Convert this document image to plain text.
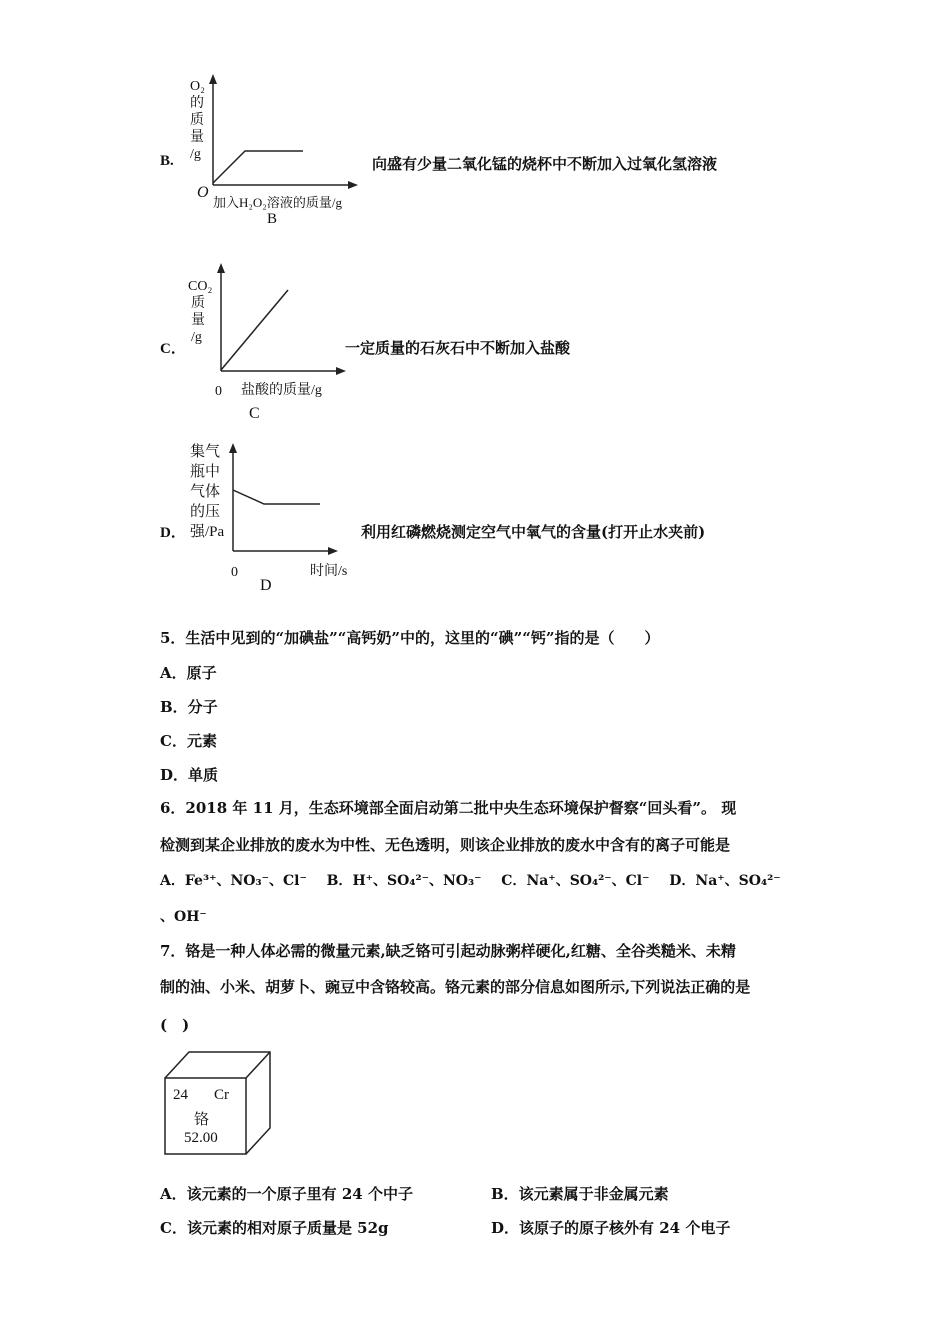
B.
O₂
的
质
量
/g
O
加入H₂O₂溶液的质量/g
B
向盛有少量二氧化锰的烧杯中不断加入过氧化氢溶液
C．
CO₂
质
量
/g
0 盐酸的质量/g
C
一定质量的石灰石中不断加入盐酸
D．
集气
瓶中
气体
的压
强/Pa
0	时间/s
D
利用红磷燃烧测定空气中氧气的含量(打开止水夹前)
5．生活中见到的“加碘盐”“高钙奶”中的，这里的“碘”“钙”指的是（　　）
A．原子
B．分子
C．元素
D．单质
6．2018 年 11 月，生态环境部全面启动第二批中央生态环境保护督察“回头看”。 现
检测到某企业排放的废水为中性、无色透明，则该企业排放的废水中含有的离子可能是
A．Fe³⁺、NO₃⁻、Cl⁻ B．H⁺、SO₄²⁻、NO₃⁻ C．Na⁺、SO₄²⁻、Cl⁻ D．Na⁺、SO₄²⁻
、OH⁻
7．铬是一种人体必需的微量元素,缺乏铬可引起动脉粥样硬化,红糖、全谷类糙米、未精
制的油、小米、胡萝卜、豌豆中含铬较高。铬元素的部分信息如图所示,下列说法正确的是
(　)
24 Cr
铬
52.00
A．该元素的一个原子里有 24 个中子	B．该元素属于非金属元素
C．该元素的相对原子质量是 52g	D．该原子的原子核外有 24 个电子
